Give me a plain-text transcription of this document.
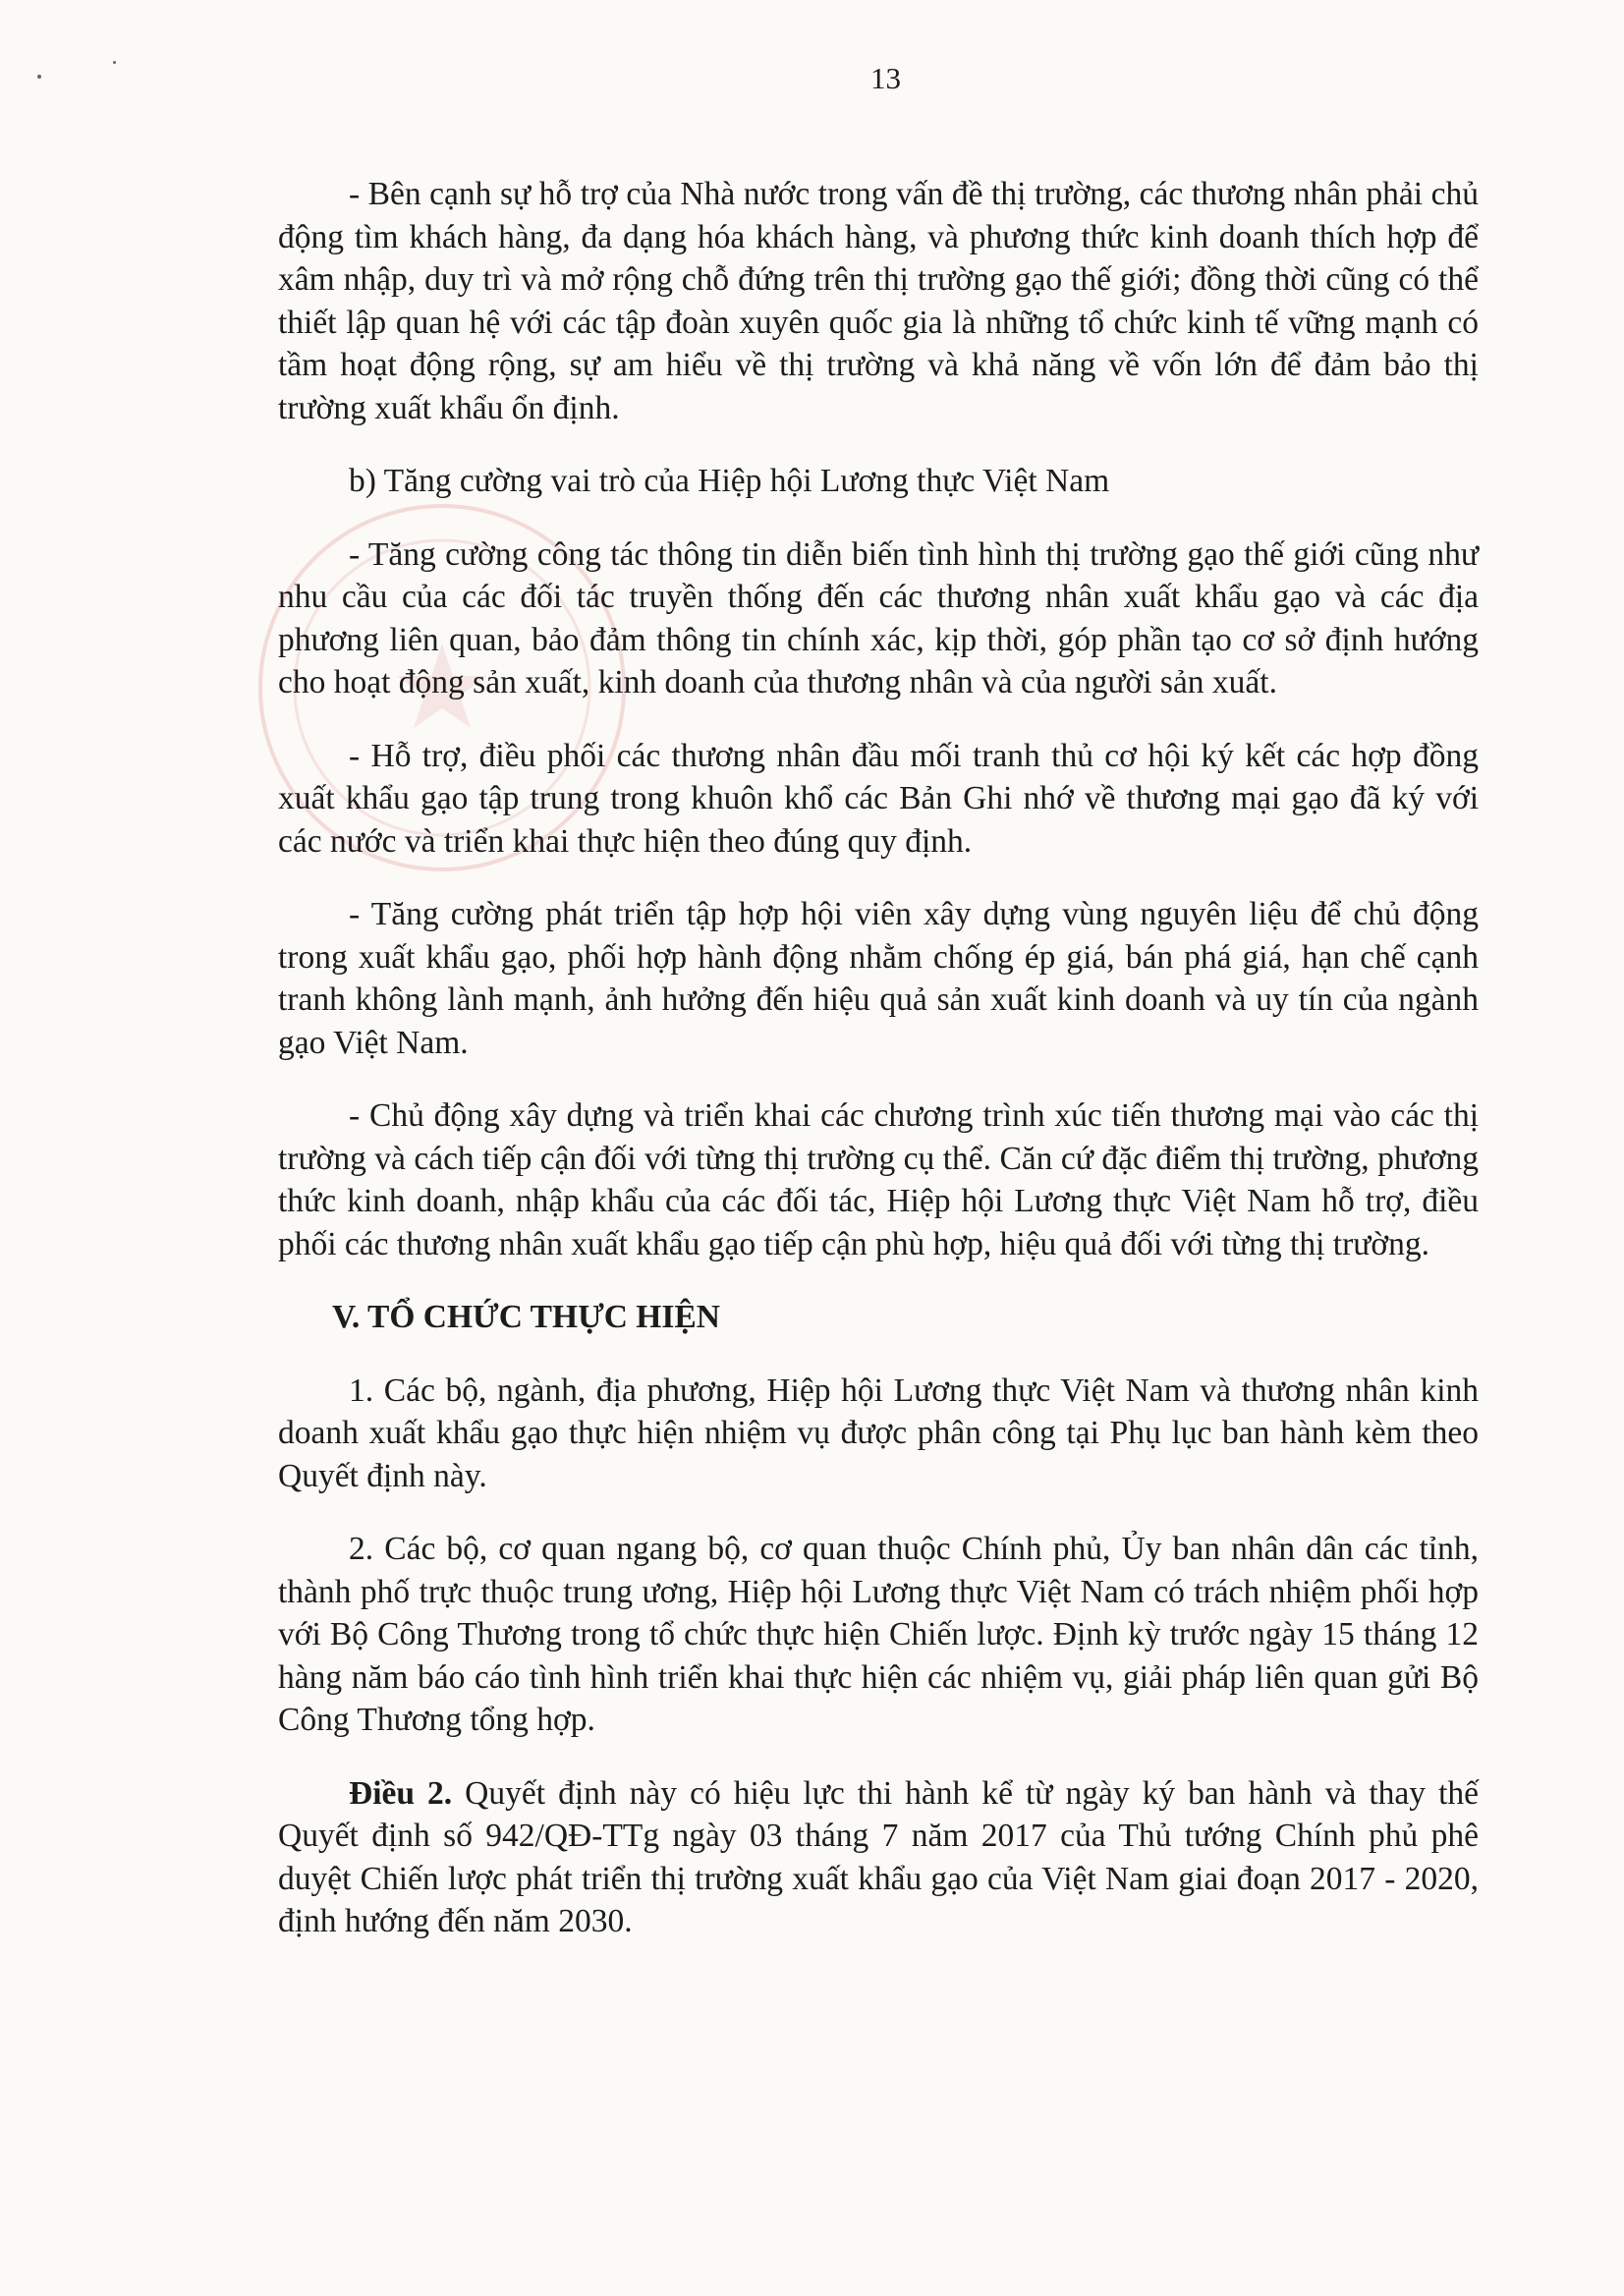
13

- Bên cạnh sự hỗ trợ của Nhà nước trong vấn đề thị trường, các thương nhân phải chủ động tìm khách hàng, đa dạng hóa khách hàng, và phương thức kinh doanh thích hợp để xâm nhập, duy trì và mở rộng chỗ đứng trên thị trường gạo thế giới; đồng thời cũng có thể thiết lập quan hệ với các tập đoàn xuyên quốc gia là những tổ chức kinh tế vững mạnh có tầm hoạt động rộng, sự am hiểu về thị trường và khả năng về vốn lớn để đảm bảo thị trường xuất khẩu ổn định.

b) Tăng cường vai trò của Hiệp hội Lương thực Việt Nam

- Tăng cường công tác thông tin diễn biến tình hình thị trường gạo thế giới cũng như nhu cầu của các đối tác truyền thống đến các thương nhân xuất khẩu gạo và các địa phương liên quan, bảo đảm thông tin chính xác, kịp thời, góp phần tạo cơ sở định hướng cho hoạt động sản xuất, kinh doanh của thương nhân và của người sản xuất.

- Hỗ trợ, điều phối các thương nhân đầu mối tranh thủ cơ hội ký kết các hợp đồng xuất khẩu gạo tập trung trong khuôn khổ các Bản Ghi nhớ về thương mại gạo đã ký với các nước và triển khai thực hiện theo đúng quy định.

- Tăng cường phát triển tập hợp hội viên xây dựng vùng nguyên liệu để chủ động trong xuất khẩu gạo, phối hợp hành động nhằm chống ép giá, bán phá giá, hạn chế cạnh tranh không lành mạnh, ảnh hưởng đến hiệu quả sản xuất kinh doanh và uy tín của ngành gạo Việt Nam.

- Chủ động xây dựng và triển khai các chương trình xúc tiến thương mại vào các thị trường và cách tiếp cận đối với từng thị trường cụ thể. Căn cứ đặc điểm thị trường, phương thức kinh doanh, nhập khẩu của các đối tác, Hiệp hội Lương thực Việt Nam hỗ trợ, điều phối các thương nhân xuất khẩu gạo tiếp cận phù hợp, hiệu quả đối với từng thị trường.

V. TỔ CHỨC THỰC HIỆN

1. Các bộ, ngành, địa phương, Hiệp hội Lương thực Việt Nam và thương nhân kinh doanh xuất khẩu gạo thực hiện nhiệm vụ được phân công tại Phụ lục ban hành kèm theo Quyết định này.

2. Các bộ, cơ quan ngang bộ, cơ quan thuộc Chính phủ, Ủy ban nhân dân các tỉnh, thành phố trực thuộc trung ương, Hiệp hội Lương thực Việt Nam có trách nhiệm phối hợp với Bộ Công Thương trong tổ chức thực hiện Chiến lược. Định kỳ trước ngày 15 tháng 12 hàng năm báo cáo tình hình triển khai thực hiện các nhiệm vụ, giải pháp liên quan gửi Bộ Công Thương tổng hợp.

Điều 2. Quyết định này có hiệu lực thi hành kể từ ngày ký ban hành và thay thế Quyết định số 942/QĐ-TTg ngày 03 tháng 7 năm 2017 của Thủ tướng Chính phủ phê duyệt Chiến lược phát triển thị trường xuất khẩu gạo của Việt Nam giai đoạn 2017 - 2020, định hướng đến năm 2030.
